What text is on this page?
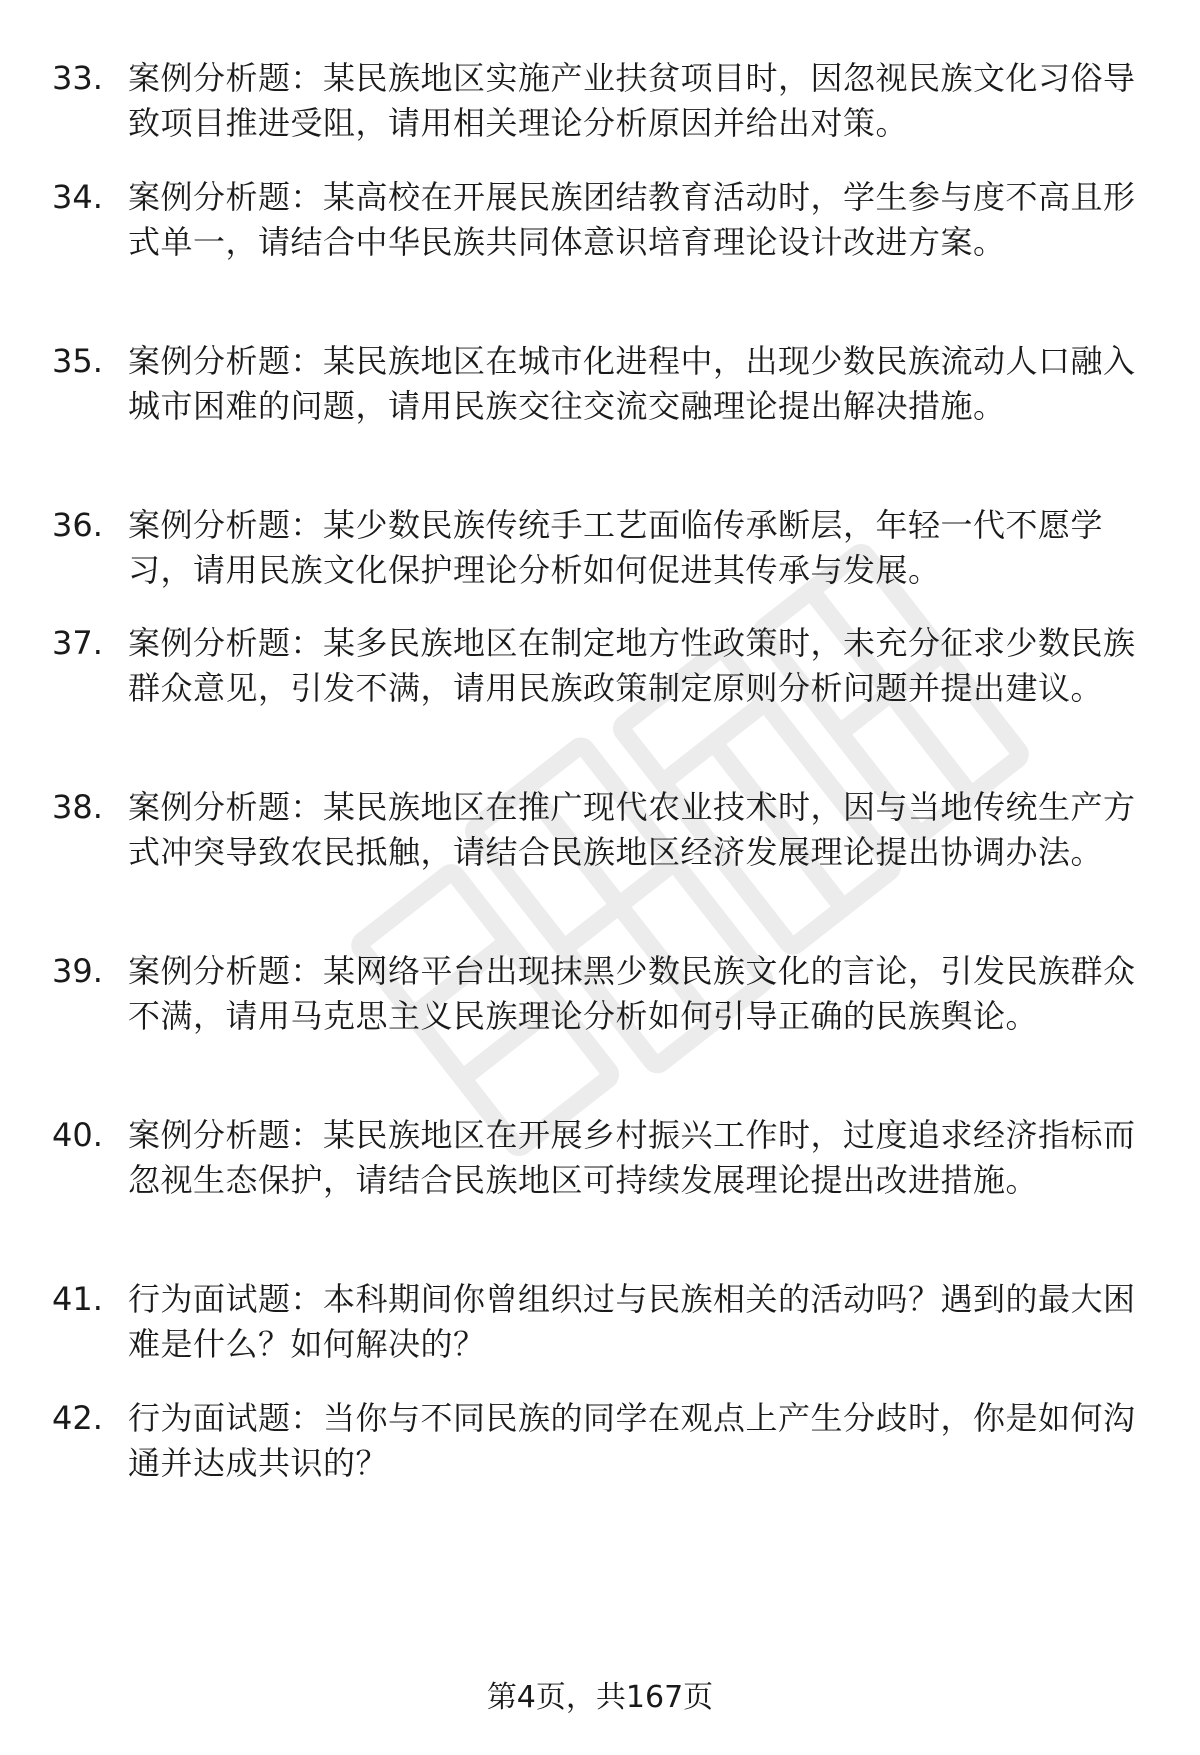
33. 案例分析题：某民族地区实施产业扶贫项目时，因忽视民族文化习俗导致项目推进受阻，请用相关理论分析原因并给出对策。
34. 案例分析题：某高校在开展民族团结教育活动时，学生参与度不高且形式单一，请结合中华民族共同体意识培育理论设计改进方案。
35. 案例分析题：某民族地区在城市化进程中，出现少数民族流动人口融入城市困难的问题，请用民族交往交流交融理论提出解决措施。
36. 案例分析题：某少数民族传统手工艺面临传承断层，年轻一代不愿学习，请用民族文化保护理论分析如何促进其传承与发展。
37. 案例分析题：某多民族地区在制定地方性政策时，未充分征求少数民族群众意见，引发不满，请用民族政策制定原则分析问题并提出建议。
38. 案例分析题：某民族地区在推广现代农业技术时，因与当地传统生产方式冲突导致农民抵触，请结合民族地区经济发展理论提出协调办法。
39. 案例分析题：某网络平台出现抹黑少数民族文化的言论，引发民族群众不满，请用马克思主义民族理论分析如何引导正确的民族舆论。
40. 案例分析题：某民族地区在开展乡村振兴工作时，过度追求经济指标而忽视生态保护，请结合民族地区可持续发展理论提出改进措施。
41. 行为面试题：本科期间你曾组织过与民族相关的活动吗？遇到的最大困难是什么？如何解决的？
42. 行为面试题：当你与不同民族的同学在观点上产生分歧时，你是如何沟通并达成共识的？
第4页，共167页
